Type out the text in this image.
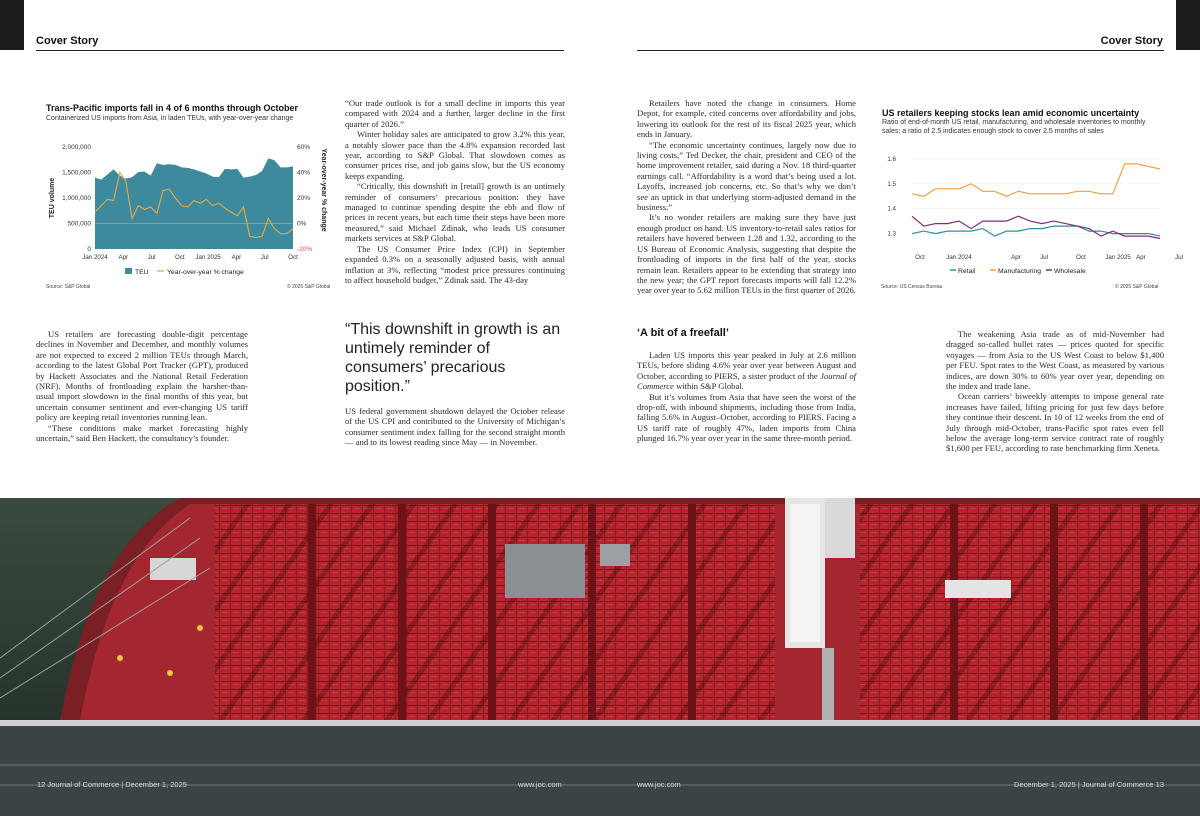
Cover Story	Cover Story
Trans-Pacific imports fall in 4 of 6 months through October
Containerized US imports from Asia, in laden TEUs, with year-over-year change
0
500,000
1,000,000
1,500,000
2,000,000
-20%
0%
20%
40%
60%
Jan 2024 Apr	Jul	Oct Jan 2025 Apr	Jul	Oct
TEU volume	Year-over-year % change
TEU	Year-over-year % change
Source: S&P Global	© 2025 S&P Global
US retailers keeping stocks lean amid economic uncertainty
Ratio of end-of-month US retail, manufacturing, and wholesale inventories to monthly
sales; a ratio of 2.5 indicates enough stock to cover 2.5 months of sales
1.3
1.4
1.5
1.6
Oct	Jan 2024	Apr	Jul	Oct	Jan 2025 Apr	Jul
Retail	Manufacturing Wholesale
Source: US Census Bureau	© 2025 S&P Global

US retailers are forecasting double-digit percentage declines in November and December, and monthly volumes are not expected to exceed 2 million TEUs through March, according to the latest Global Port Tracker (GPT), produced by Hackett Associates and the National Retail Federation (NRF). Months of frontloading explain the harsher-than-usual import slowdown in the final months of this year, but uncertain consumer sentiment and ever-changing US tariff policy are keeping retail inventories running lean.

“These conditions make market forecasting highly uncertain,” said Ben Hackett, the consultancy’s founder.

“Our trade outlook is for a small decline in imports this year compared with 2024 and a further, larger decline in the first quarter of 2026.”

Winter holiday sales are anticipated to grow 3.2% this year, a notably slower pace than the 4.8% expansion recorded last year, according to S&P Global. That slowdown comes as consumer prices rise, and job gains slow, but the US economy keeps expanding.

“Critically, this downshift in [retail] growth is an untimely reminder of consumers’ precarious position: they have managed to continue spending despite the ebb and flow of prices in recent years, but each time their steps have been more measured,” said Michael Zdinak, who leads US consumer markets services at S&P Global.

The US Consumer Price Index (CPI) in September expanded 0.3% on a seasonally adjusted basis, with annual inflation at 3%, reflecting “modest price pressures continuing to affect household budget,” Zdinak said. The 43-day

“This downshift in growth is an untimely reminder of consumers’ precarious position.”

US federal government shutdown delayed the October release of the US CPI and contributed to the University of Michigan’s consumer sentiment index falling for the second straight month — and to its lowest reading since May — in November.

Retailers have noted the change in consumers. Home Depot, for example, cited concerns over affordability and jobs, lowering its outlook for the rest of its fiscal 2025 year, which ends in January.

“The economic uncertainty continues, largely now due to living costs,” Ted Decker, the chair, president and CEO of the home improvement retailer, said during a Nov. 18 third-quarter earnings call. “Affordability is a word that’s being used a lot. Layoffs, increased job concerns, etc. So that’s why we don’t see an uptick in that underlying storm-adjusted demand in the business.”

It’s no wonder retailers are making sure they have just enough product on hand. US inventory-to-retail sales ratios for retailers have hovered between 1.28 and 1.32, according to the US Bureau of Economic Analysis, suggesting that despite the frontloading of imports in the first half of the year, stocks remain lean. Retailers appear to be extending that strategy into the new year; the GPT report forecasts imports will fall 12.2% year over year to 5.62 million TEUs in the first quarter of 2026.

‘A bit of a freefall’

Laden US imports this year peaked in July at 2.6 million TEUs, before sliding 4.6% year over year between August and October, according to PIERS, a sister product of the Journal of Commerce within S&P Global.

But it’s volumes from Asia that have seen the worst of the drop-off, with inbound shipments, including those from India, falling 5.6% in August–October, according to PIERS. Facing a US tariff rate of roughly 47%, laden imports from China plunged 16.7% year over year in the same three-month period.

The weakening Asia trade as of mid-November had dragged so-called bullet rates — prices quoted for specific voyages — from Asia to the US West Coast to below $1,400 per FEU. Spot rates to the West Coast, as measured by various indices, are down 30% to 60% year over year, depending on the index and trade lane.

Ocean carriers’ biweekly attempts to impose general rate increases have failed, lifting pricing for just few days before they continue their descent. In 10 of 12 weeks from the end of July through mid-October, trans-Pacific spot rates even fell below the average long-term service contract rate of roughly $1,600 per FEU, according to rate benchmarking firm Xeneta.

12 Journal of Commerce | December 1, 2025	www.joc.com	www.joc.com	December 1, 2025 | Journal of Commerce 13
